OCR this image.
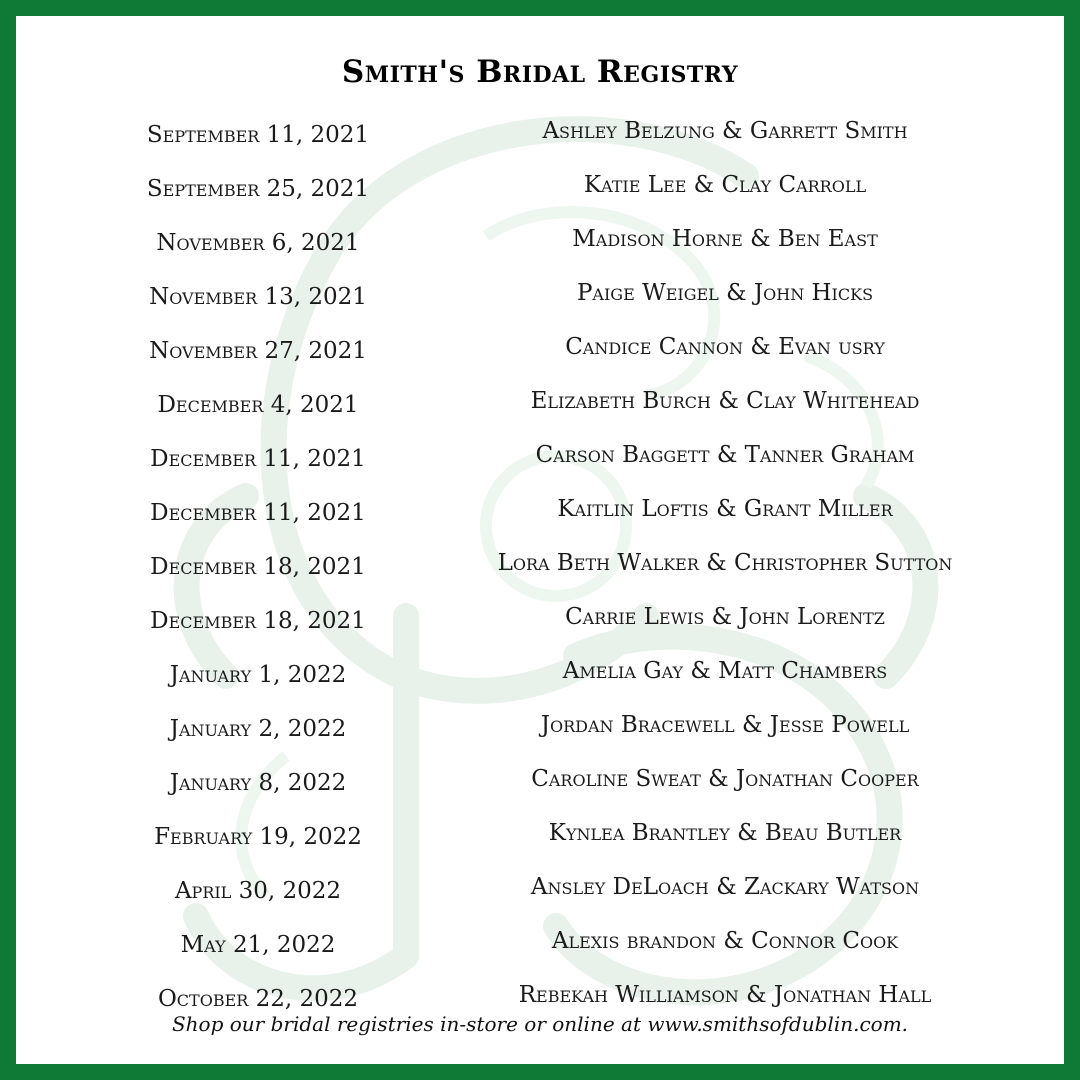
Smith's Bridal Registry
September 11, 2021	Ashley Belzung & Garrett Smith
September 25, 2021	Katie Lee & Clay Carroll
November 6, 2021	Madison Horne & Ben East
November 13, 2021	Paige Weigel & John Hicks
November 27, 2021	Candice Cannon & Evan usry
December 4, 2021	Elizabeth Burch & Clay Whitehead
December 11, 2021	Carson Baggett & Tanner Graham
December 11, 2021	Kaitlin Loftis & Grant Miller
December 18, 2021	Lora Beth Walker & Christopher Sutton
December 18, 2021	Carrie Lewis & John Lorentz
January 1, 2022	Amelia Gay & Matt Chambers
January 2, 2022	Jordan Bracewell & Jesse Powell
January 8, 2022	Caroline Sweat & Jonathan Cooper
February 19, 2022	Kynlea Brantley & Beau Butler
April 30, 2022	Ansley DeLoach & Zackary Watson
May 21, 2022	Alexis brandon & Connor Cook
October 22, 2022	Rebekah Williamson & Jonathan Hall
Shop our bridal registries in-store or online at www.smithsofdublin.com.
